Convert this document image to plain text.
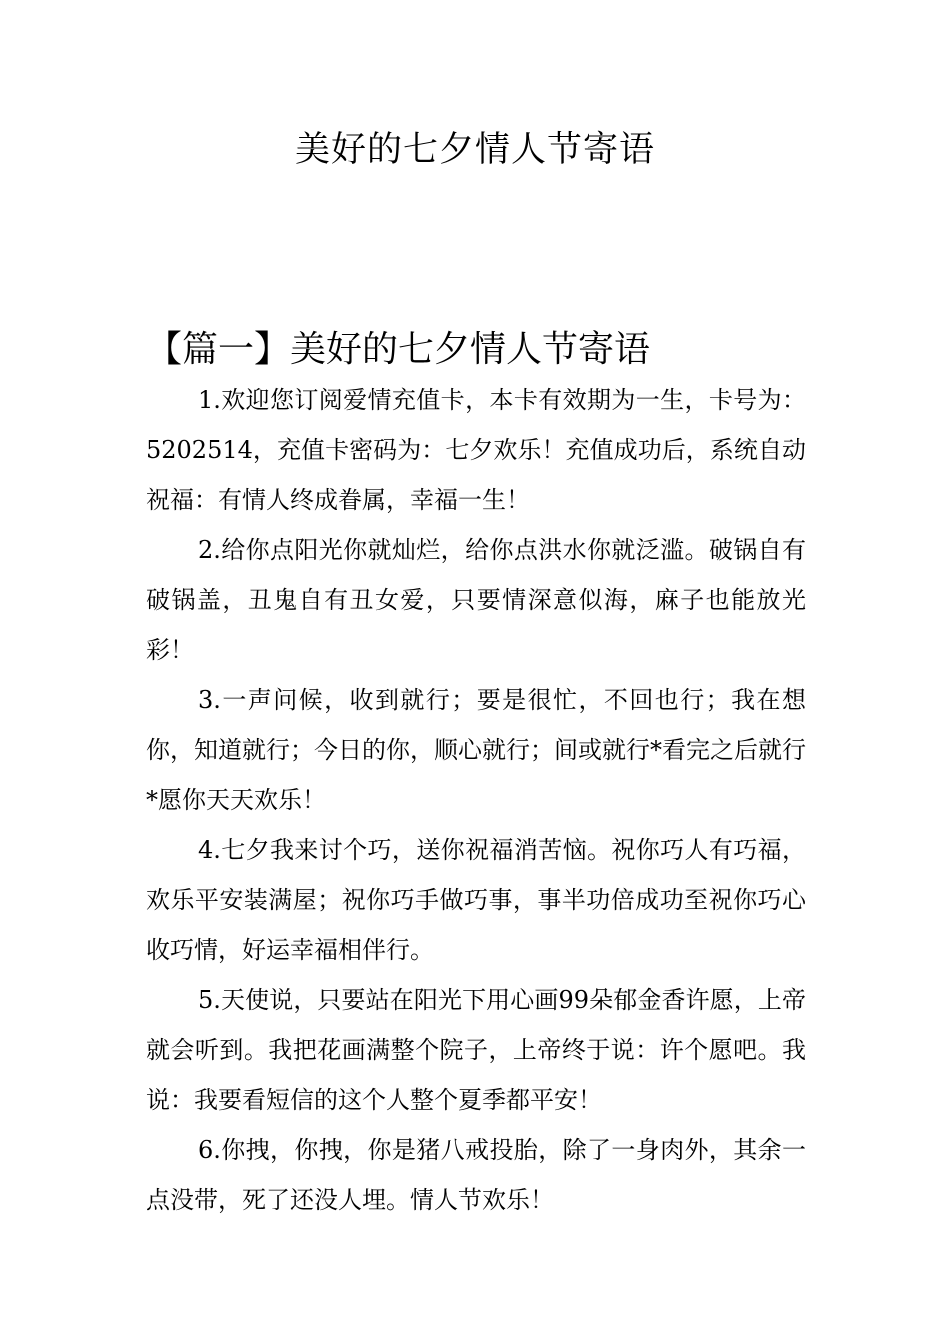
美好的七夕情人节寄语
【篇一】美好的七夕情人节寄语

1.欢迎您订阅爱情充值卡，本卡有效期为一生，卡号为：5202514，充值卡密码为：七夕欢乐！充值成功后，系统自动祝福：有情人终成眷属，幸福一生！

2.给你点阳光你就灿烂，给你点洪水你就泛滥。破锅自有破锅盖，丑鬼自有丑女爱，只要情深意似海，麻子也能放光彩！

3.一声问候，收到就行；要是很忙，不回也行；我在想你，知道就行；今日的你，顺心就行；间或就行*看完之后就行*愿你天天欢乐！

4.七夕我来讨个巧，送你祝福消苦恼。祝你巧人有巧福，欢乐平安装满屋；祝你巧手做巧事，事半功倍成功至祝你巧心收巧情，好运幸福相伴行。

5.天使说，只要站在阳光下用心画99朵郁金香许愿，上帝就会听到。我把花画满整个院子，上帝终于说：许个愿吧。我说：我要看短信的这个人整个夏季都平安！

6.你拽，你拽，你是猪八戒投胎，除了一身肉外，其余一点没带，死了还没人埋。情人节欢乐！
